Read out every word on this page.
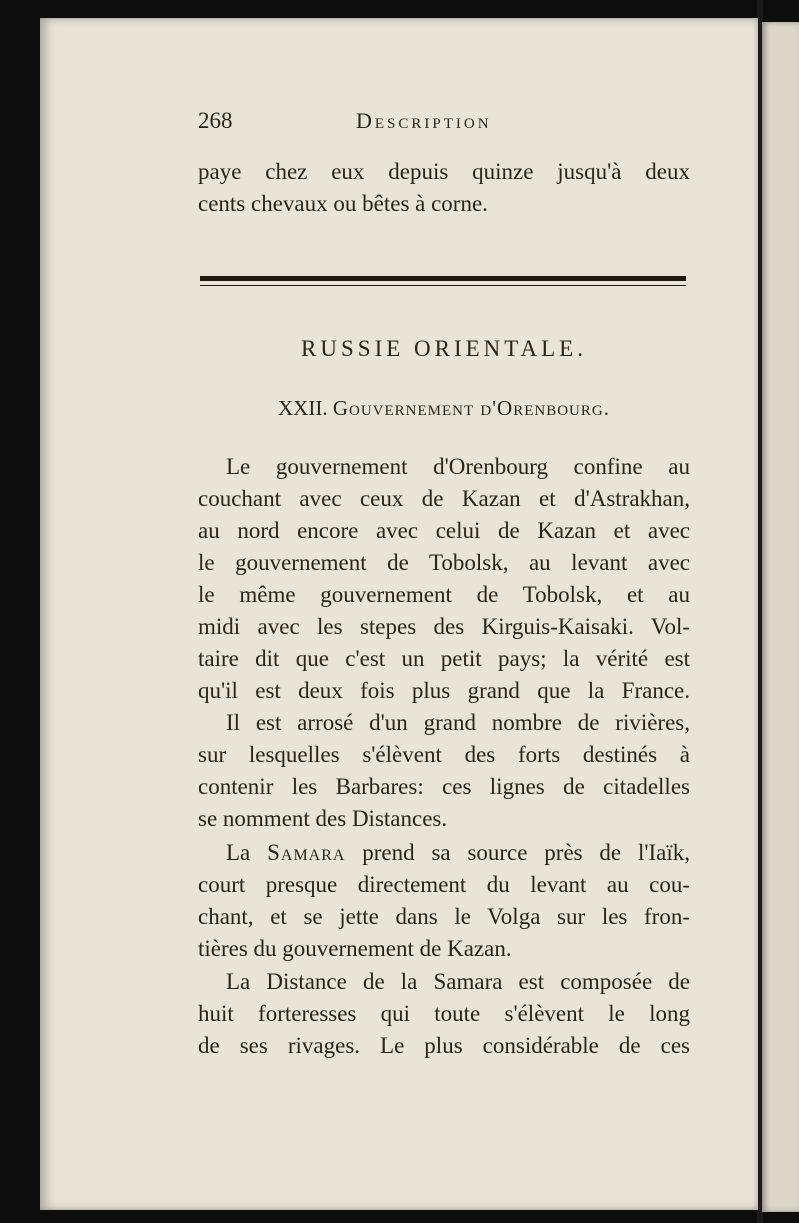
268	Description
paye chez eux depuis quinze jusqu'à deux
cents chevaux ou bêtes à corne.
RUSSIE ORIENTALE.
XXII. Gouvernement d'Orenbourg.
Le gouvernement d'Orenbourg confine au
couchant avec ceux de Kazan et d'Astrakhan,
au nord encore avec celui de Kazan et avec
le gouvernement de Tobolsk, au levant avec
le même gouvernement de Tobolsk, et au
midi avec les stepes des Kirguis-Kaisaki. Vol-
taire dit que c'est un petit pays; la vérité est
qu'il est deux fois plus grand que la France.
Il est arrosé d'un grand nombre de rivières,
sur lesquelles s'élèvent des forts destinés à
contenir les Barbares: ces lignes de citadelles
se nomment des Distances.
La Samara prend sa source près de l'Iaïk,
court presque directement du levant au cou-
chant, et se jette dans le Volga sur les fron-
tières du gouvernement de Kazan.
La Distance de la Samara est composée de
huit forteresses qui toute s'élèvent le long
de ses rivages. Le plus considérable de ces
